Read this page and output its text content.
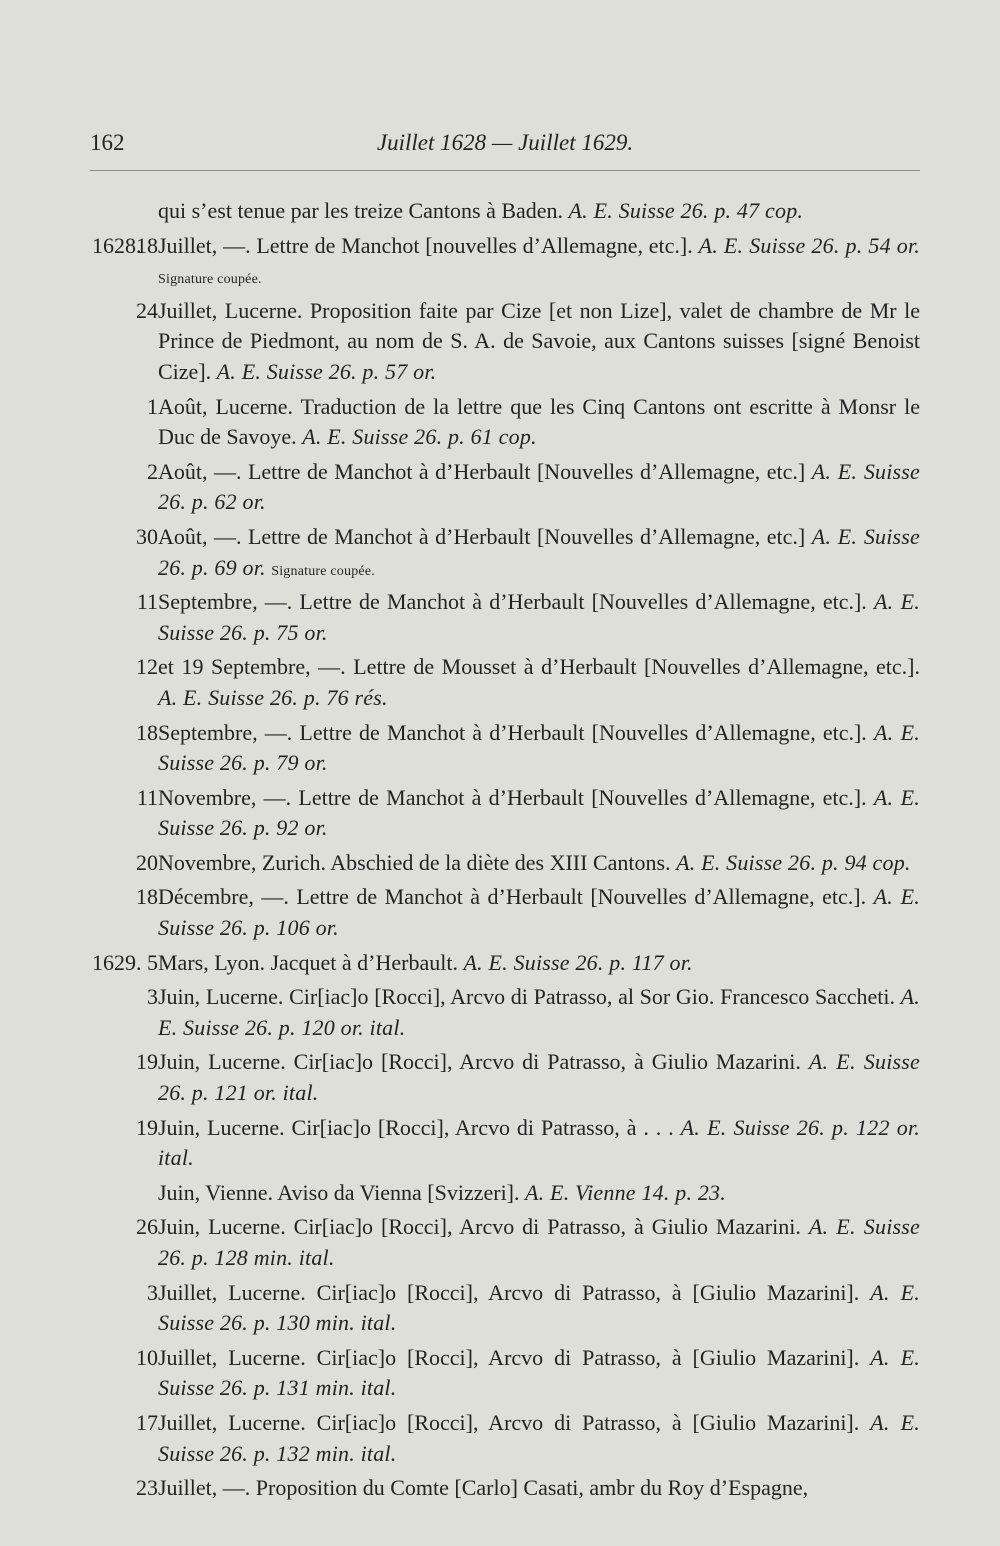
162	Juillet 1628 — Juillet 1629.
qui s’est tenue par les treize Cantons à Baden. A. E. Suisse 26. p. 47 cop.
1628.
18 Juillet, —. Lettre de Manchot [nouvelles d’Allemagne, etc.]. A. E. Suisse 26. p. 54 or. Signature coupée.
24 Juillet, Lucerne. Proposition faite par Cize [et non Lize], valet de chambre de Mr le Prince de Piedmont, au nom de S. A. de Savoie, aux Cantons suisses [signé Benoist Cize]. A. E. Suisse 26. p. 57 or.
1 Août, Lucerne. Traduction de la lettre que les Cinq Cantons ont escritte à Monsr le Duc de Savoye. A. E. Suisse 26. p. 61 cop.
2 Août, —. Lettre de Manchot à d’Herbault [Nouvelles d’Allemagne, etc.] A. E. Suisse 26. p. 62 or.
30 Août, —. Lettre de Manchot à d’Herbault [Nouvelles d’Allemagne, etc.] A. E. Suisse 26. p. 69 or. Signature coupée.
11 Septembre, —. Lettre de Manchot à d’Herbault [Nouvelles d’Allemagne, etc.]. A. E. Suisse 26. p. 75 or.
12 et 19 Septembre, —. Lettre de Mousset à d’Herbault [Nouvelles d’Allemagne, etc.]. A. E. Suisse 26. p. 76 rés.
18 Septembre, —. Lettre de Manchot à d’Herbault [Nouvelles d’Allemagne, etc.]. A. E. Suisse 26. p. 79 or.
11 Novembre, —. Lettre de Manchot à d’Herbault [Nouvelles d’Allemagne, etc.]. A. E. Suisse 26. p. 92 or.
20 Novembre, Zurich. Abschied de la diète des XIII Cantons. A. E. Suisse 26. p. 94 cop.
18 Décembre, —. Lettre de Manchot à d’Herbault [Nouvelles d’Allemagne, etc.]. A. E. Suisse 26. p. 106 or.
1629. 5 Mars, Lyon. Jacquet à d’Herbault. A. E. Suisse 26. p. 117 or.
3 Juin, Lucerne. Cir[iac]o [Rocci], Arcvo di Patrasso, al Sor Gio. Francesco Saccheti. A. E. Suisse 26. p. 120 or. ital.
19 Juin, Lucerne. Cir[iac]o [Rocci], Arcvo di Patrasso, à Giulio Mazarini. A. E. Suisse 26. p. 121 or. ital.
19 Juin, Lucerne. Cir[iac]o [Rocci], Arcvo di Patrasso, à . . . A. E. Suisse 26. p. 122 or. ital.
Juin, Vienne. Aviso da Vienna [Svizzeri]. A. E. Vienne 14. p. 23.
26 Juin, Lucerne. Cir[iac]o [Rocci], Arcvo di Patrasso, à Giulio Mazarini. A. E. Suisse 26. p. 128 min. ital.
3 Juillet, Lucerne. Cir[iac]o [Rocci], Arcvo di Patrasso, à [Giulio Mazarini]. A. E. Suisse 26. p. 130 min. ital.
10 Juillet, Lucerne. Cir[iac]o [Rocci], Arcvo di Patrasso, à [Giulio Mazarini]. A. E. Suisse 26. p. 131 min. ital.
17 Juillet, Lucerne. Cir[iac]o [Rocci], Arcvo di Patrasso, à [Giulio Mazarini]. A. E. Suisse 26. p. 132 min. ital.
23 Juillet, —. Proposition du Comte [Carlo] Casati, ambr du Roy d’Espagne,
